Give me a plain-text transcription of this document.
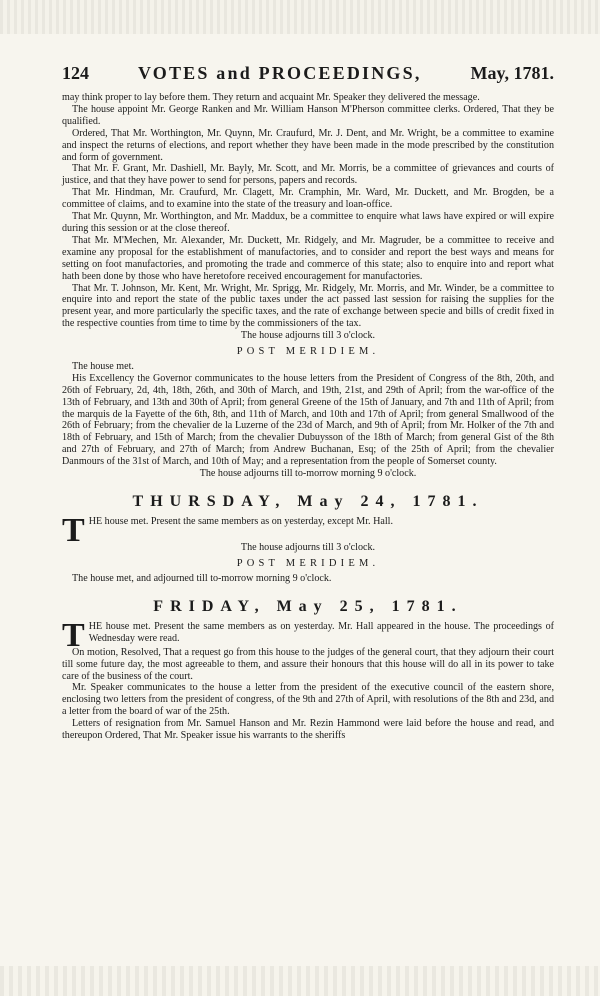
124	VOTES and PROCEEDINGS,	May, 1781.

may think proper to lay before them. They return and acquaint Mr. Speaker they delivered the message.

The house appoint Mr. George Ranken and Mr. William Hanson M'Pherson committee clerks. Ordered, That they be qualified.

Ordered, That Mr. Worthington, Mr. Quynn, Mr. Craufurd, Mr. J. Dent, and Mr. Wright, be a committee to examine and inspect the returns of elections, and report whether they have been made in the mode prescribed by the constitution and form of government.

That Mr. F. Grant, Mr. Dashiell, Mr. Bayly, Mr. Scott, and Mr. Morris, be a committee of grievances and courts of justice, and that they have power to send for persons, papers and records.

That Mr. Hindman, Mr. Craufurd, Mr. Clagett, Mr. Cramphin, Mr. Ward, Mr. Duckett, and Mr. Brogden, be a committee of claims, and to examine into the state of the treasury and loan-office.

That Mr. Quynn, Mr. Worthington, and Mr. Maddux, be a committee to enquire what laws have expired or will expire during this session or at the close thereof.

That Mr. M'Mechen, Mr. Alexander, Mr. Duckett, Mr. Ridgely, and Mr. Magruder, be a committee to receive and examine any proposal for the establishment of manufactories, and to consider and report the best ways and means for setting on foot manufactories, and promoting the trade and commerce of this state; also to enquire into and report what hath been done by those who have heretofore received encouragement for manufactories.

That Mr. T. Johnson, Mr. Kent, Mr. Wright, Mr. Sprigg, Mr. Ridgely, Mr. Morris, and Mr. Winder, be a committee to enquire into and report the state of the public taxes under the act passed last session for raising the supplies for the present year, and more particularly the specific taxes, and the rate of exchange between specie and bills of credit fixed in the respective counties from time to time by the commissioners of the tax.

The house adjourns till 3 o'clock.

POST MERIDIEM.

The house met.

His Excellency the Governor communicates to the house letters from the President of Congress of the 8th, 20th, and 26th of February, 2d, 4th, 18th, 26th, and 30th of March, and 19th, 21st, and 29th of April; from the war-office of the 13th of February, and 13th and 30th of April; from general Greene of the 15th of January, and 7th and 11th of April; from the marquis de la Fayette of the 6th, 8th, and 11th of March, and 10th and 17th of April; from general Smallwood of the 26th of February; from the chevalier de la Luzerne of the 23d of March, and 9th of April; from Mr. Holker of the 7th and 18th of February, and 15th of March; from the chevalier Dubuysson of the 18th of March; from general Gist of the 8th and 27th of February, and 27th of March; from Andrew Buchanan, Esq; of the 25th of April; from the chevalier Danmours of the 31st of March, and 10th of May; and a representation from the people of Somerset county.

The house adjourns till to-morrow morning 9 o'clock.

THURSDAY, May 24, 1781.

THE house met. Present the same members as on yesterday, except Mr. Hall.

The house adjourns till 3 o'clock.

POST MERIDIEM.

The house met, and adjourned till to-morrow morning 9 o'clock.

FRIDAY, May 25, 1781.

THE house met. Present the same members as on yesterday. Mr. Hall appeared in the house. The proceedings of Wednesday were read.

On motion, Resolved, That a request go from this house to the judges of the general court, that they adjourn their court till some future day, the most agreeable to them, and assure their honours that this house will do all in its power to take care of the business of the court.

Mr. Speaker communicates to the house a letter from the president of the executive council of the eastern shore, enclosing two letters from the president of congress, of the 9th and 27th of April, with resolutions of the 8th and 23d, and a letter from the board of war of the 25th.

Letters of resignation from Mr. Samuel Hanson and Mr. Rezin Hammond were laid before the house and read, and thereupon Ordered, That Mr. Speaker issue his warrants to the sheriffs
